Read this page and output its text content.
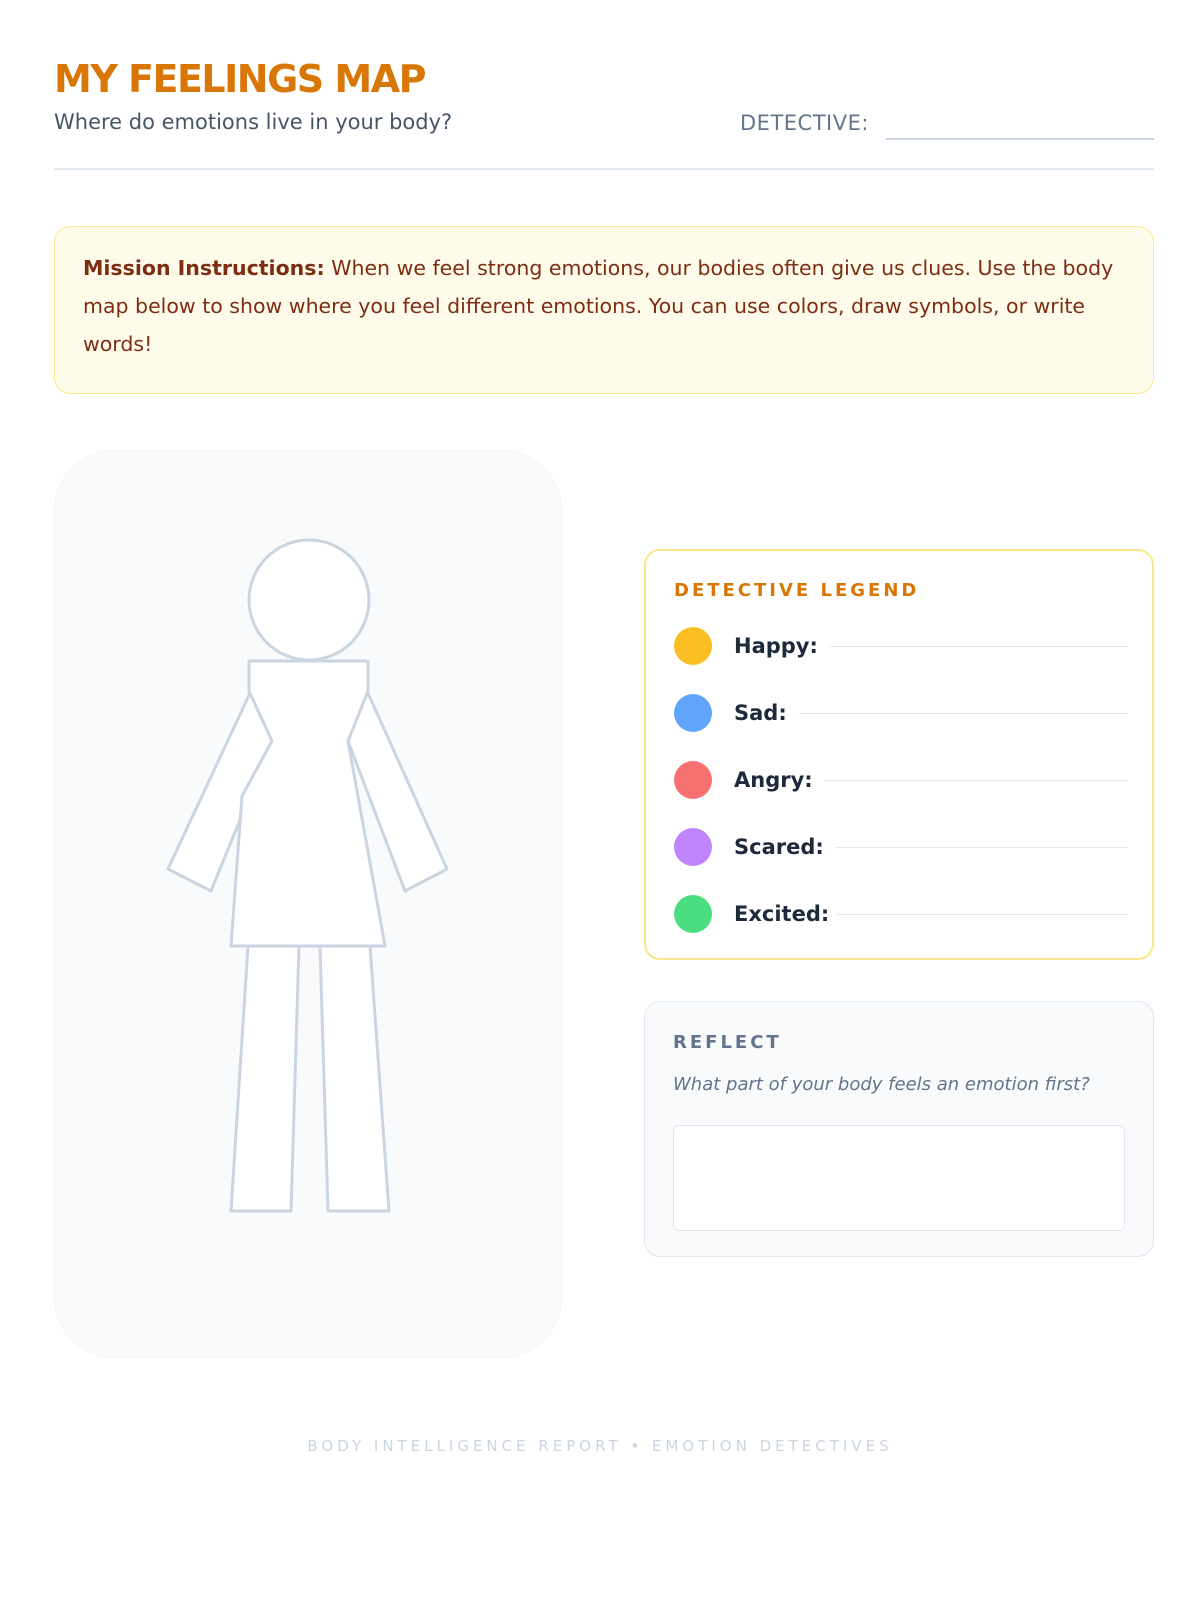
MY FEELINGS MAP

Where do emotions live in your body?	DETECTIVE:
Mission Instructions: When we feel strong emotions, our bodies often give us clues. Use the body map below to show where you feel different emotions. You can use colors, draw symbols, or write words!
DETECTIVE LEGEND
Happy:
Sad:
Angry:
Scared:
Excited:
REFLECT

What part of your body feels an emotion first?

BODY INTELLIGENCE REPORT • EMOTION DETECTIVES
